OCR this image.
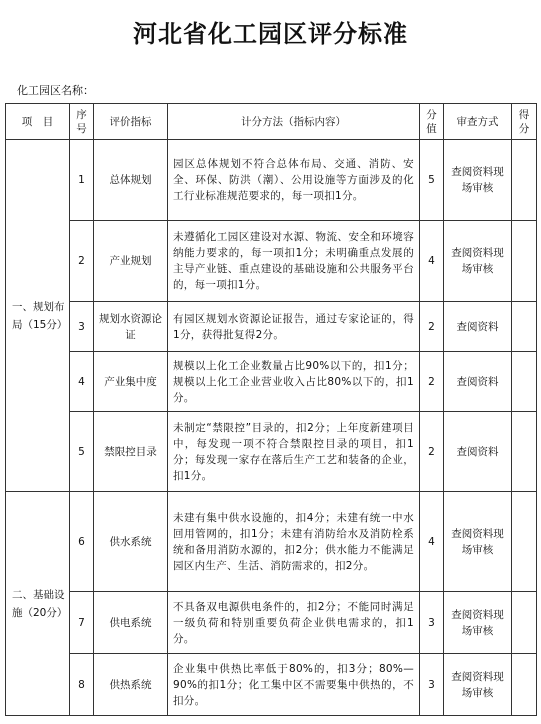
河北省化工园区评分标准
化工园区名称：
项　目	序号	评价指标	计分方法（指标内容）	分值	审查方式	得分
一、规划布局（15分）	1	总体规划	园区总体规划不符合总体布局、交通、消防、安全、环保、防洪（潮）、公用设施等方面涉及的化工行业标准规范要求的，每一项扣1分。	5	查阅资料现场审核	
	2	产业规划	未遵循化工园区建设对水源、物流、安全和环境容纳能力要求的，每一项扣1分；未明确重点发展的主导产业链、重点建设的基础设施和公共服务平台的，每一项扣1分。	4	查阅资料现场审核	
	3	规划水资源论证	有园区规划水资源论证报告，通过专家论证的，得1分，获得批复得2分。	2	查阅资料	
	4	产业集中度	规模以上化工企业数量占比90%以下的，扣1分；规模以上化工企业营业收入占比80%以下的，扣1分。	2	查阅资料	
	5	禁限控目录	未制定“禁限控”目录的，扣2分；上年度新建项目中，每发现一项不符合禁限控目录的项目，扣1分；每发现一家存在落后生产工艺和装备的企业，扣1分。	2	查阅资料	
二、基础设施（20分）	6	供水系统	未建有集中供水设施的，扣4分；未建有统一中水回用管网的，扣1分；未建有消防给水及消防栓系统和备用消防水源的，扣2分；供水能力不能满足园区内生产、生活、消防需求的，扣2分。	4	查阅资料现场审核	
	7	供电系统	不具备双电源供电条件的，扣2分；不能同时满足一级负荷和特别重要负荷企业供电需求的，扣1分。	3	查阅资料现场审核	
	8	供热系统	企业集中供热比率低于80%的，扣3分；80%—90%的扣1分；化工集中区不需要集中供热的，不扣分。	3	查阅资料现场审核	
